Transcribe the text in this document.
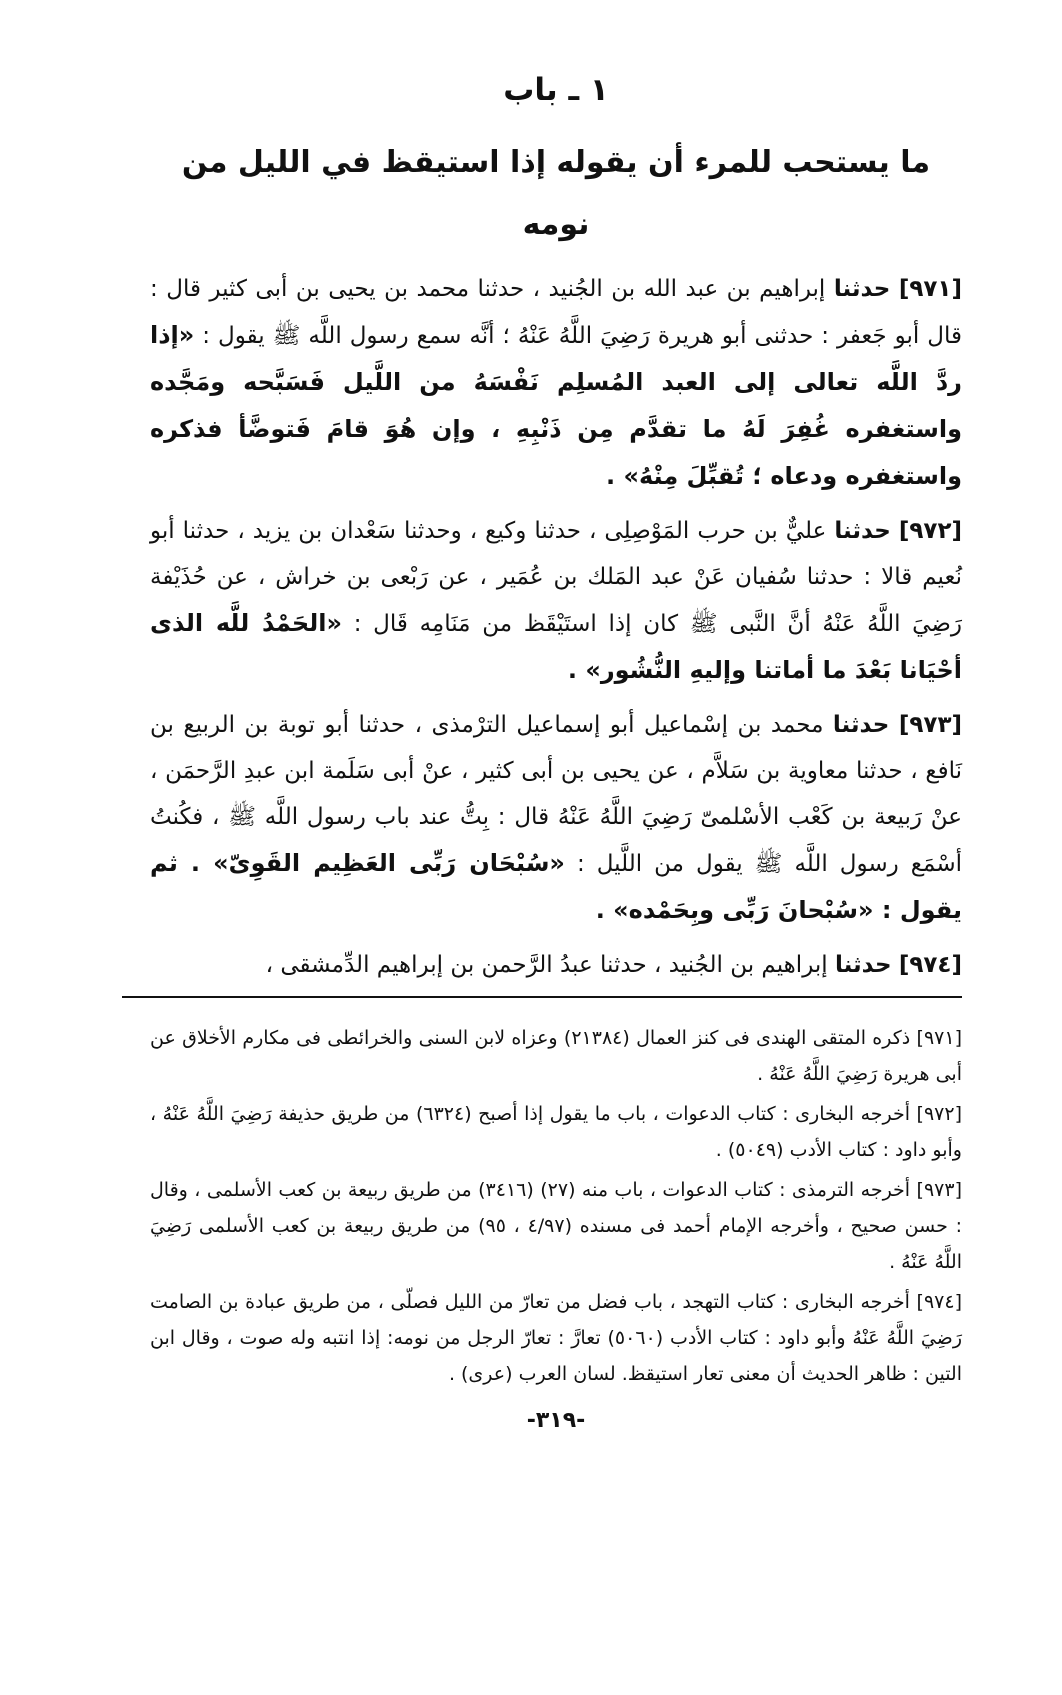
١ ـ باب
ما يستحب للمرء أن يقوله إذا استيقظ في الليل من نومه

[٩٧١] حدثنا إبراهيم بن عبد الله بن الجُنيد ، حدثنا محمد بن يحيى بن أبى كثير قال : قال أبو جَعفر : حدثنى أبو هريرة رَضِيَ اللَّهُ عَنْهُ ؛ أنَّه سمع رسول اللَّه ﷺ يقول : «إذا ردَّ اللَّه تعالى إلى العبد المُسلِم نَفْسَهُ من اللَّيل فَسَبَّحه ومَجَّده واستغفره غُفِرَ لَهُ ما تقدَّم مِن ذَنْبِهِ ، وإن هُوَ قامَ فَتوضَّأ فذكره واستغفره ودعاه ؛ تُقبِّلَ مِنْهُ» .

[٩٧٢] حدثنا عليٌّ بن حرب المَوْصِلِى ، حدثنا وكيع ، وحدثنا سَعْدان بن يزيد ، حدثنا أبو نُعيم قالا : حدثنا سُفيان عَنْ عبد المَلك بن عُمَير ، عن رَبْعى بن خراش ، عن حُذَيْفة رَضِيَ اللَّهُ عَنْهُ أنَّ النَّبى ﷺ كان إذا استَيْقَظ من مَنَامِه قَال : «الحَمْدُ للَّه الذى أحْيَانا بَعْدَ ما أماتنا وإليهِ النُّشُور» .

[٩٧٣] حدثنا محمد بن إسْماعيل أبو إسماعيل الترْمذى ، حدثنا أبو توبة بن الربيع بن نَافع ، حدثنا معاوية بن سَلاَّم ، عن يحيى بن أبى كثير ، عنْ أبى سَلَمة ابن عبدِ الرَّحمَن ، عنْ رَبيعة بن كَعْب الأسْلمىّ رَضِيَ اللَّهُ عَنْهُ قال : بِتُّ عند باب رسول اللَّه ﷺ ، فكُنتُ أسْمَع رسول اللَّه ﷺ يقول من اللَّيل : «سُبْحَان رَبِّى العَظِيم القَوِىّ» . ثم يقول : «سُبْحانَ رَبِّى وبِحَمْده» .

[٩٧٤] حدثنا إبراهيم بن الجُنيد ، حدثنا عبدُ الرَّحمن بن إبراهيم الدِّمشقى ،

[٩٧١] ذكره المتقى الهندى فى كنز العمال (٢١٣٨٤) وعزاه لابن السنى والخرائطى فى مكارم الأخلاق عن أبى هريرة رَضِيَ اللَّهُ عَنْهُ .

[٩٧٢] أخرجه البخارى : كتاب الدعوات ، باب ما يقول إذا أصبح (٦٣٢٤) من طريق حذيفة رَضِيَ اللَّهُ عَنْهُ ، وأبو داود : كتاب الأدب (٥٠٤٩) .

[٩٧٣] أخرجه الترمذى : كتاب الدعوات ، باب منه (٢٧) (٣٤١٦) من طريق ربيعة بن كعب الأسلمى ، وقال : حسن صحيح ، وأخرجه الإمام أحمد فى مسنده (٤/٩٧ ، ٩٥) من طريق ربيعة بن كعب الأسلمى رَضِيَ اللَّهُ عَنْهُ .

[٩٧٤] أخرجه البخارى : كتاب التهجد ، باب فضل من تعارّ من الليل فصلّى ، من طريق عبادة بن الصامت رَضِيَ اللَّهُ عَنْهُ وأبو داود : كتاب الأدب (٥٠٦٠) تعارَّ : تعارّ الرجل من نومه: إذا انتبه وله صوت ، وقال ابن التين : ظاهر الحديث أن معنى تعار استيقظ. لسان العرب (عرى) .

-٣١٩-
